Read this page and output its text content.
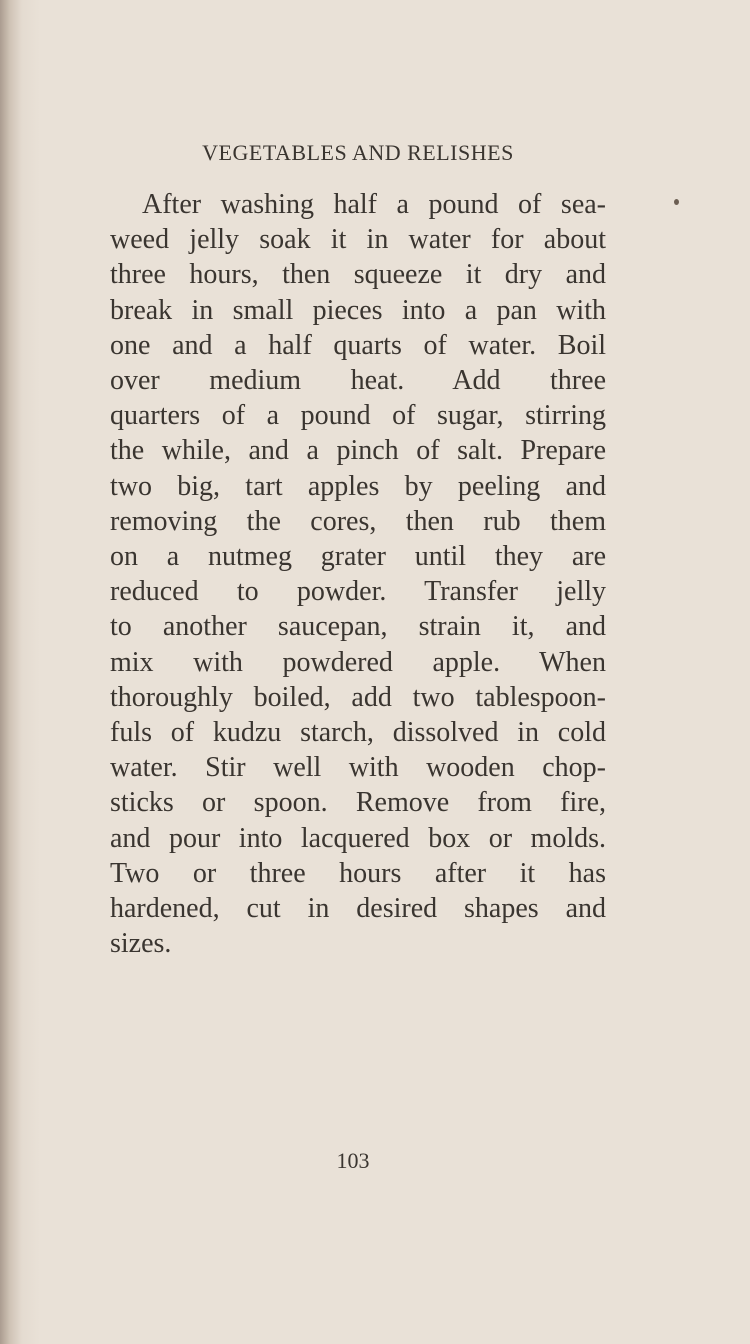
VEGETABLES AND RELISHES

After washing half a pound of sea-
weed jelly soak it in water for about
three hours, then squeeze it dry and
break in small pieces into a pan with
one and a half quarts of water. Boil
over medium heat. Add three
quarters of a pound of sugar, stirring
the while, and a pinch of salt. Prepare
two big, tart apples by peeling and
removing the cores, then rub them
on a nutmeg grater until they are
reduced to powder. Transfer jelly
to another saucepan, strain it, and
mix with powdered apple. When
thoroughly boiled, add two tablespoon-
fuls of kudzu starch, dissolved in cold
water. Stir well with wooden chop-
sticks or spoon. Remove from fire,
and pour into lacquered box or molds.
Two or three hours after it has
hardened, cut in desired shapes and
sizes.

103
